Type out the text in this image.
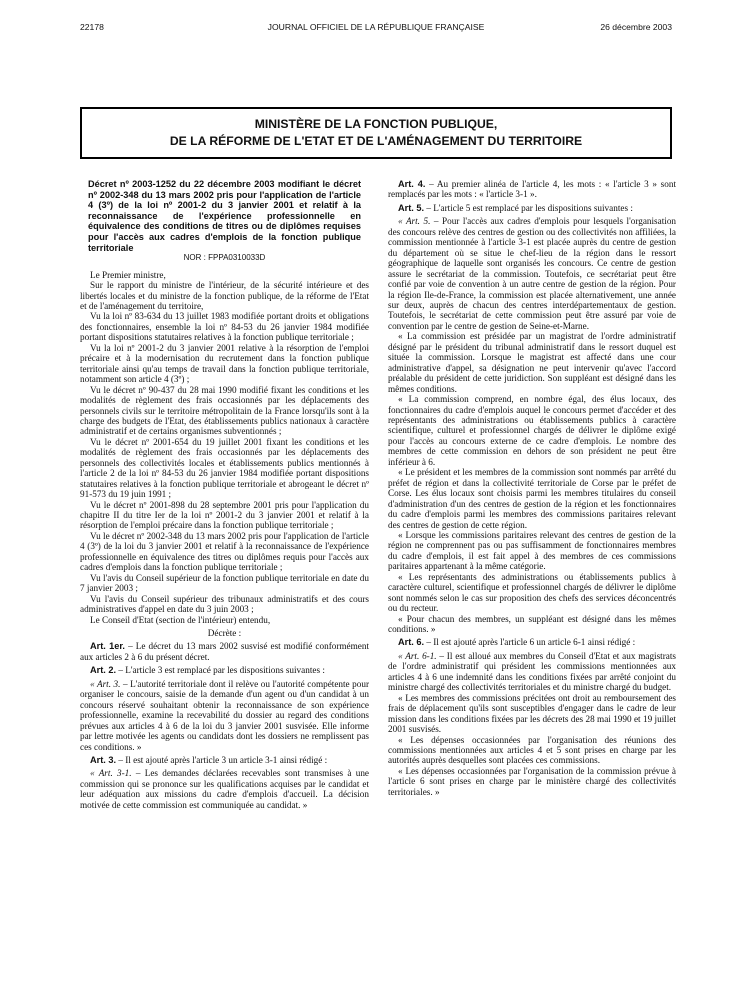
22178	JOURNAL OFFICIEL DE LA RÉPUBLIQUE FRANÇAISE	26 décembre 2003
MINISTÈRE DE LA FONCTION PUBLIQUE,
DE LA RÉFORME DE L'ETAT ET DE L'AMÉNAGEMENT DU TERRITOIRE

Décret nº 2003-1252 du 22 décembre 2003 modifiant le décret nº 2002-348 du 13 mars 2002 pris pour l'application de l'article 4 (3º) de la loi nº 2001-2 du 3 janvier 2001 et relatif à la reconnaissance de l'expérience professionnelle en équivalence des conditions de titres ou de diplômes requises pour l'accès aux cadres d'emplois de la fonction publique territoriale

NOR : FPPA0310033D

Le Premier ministre,

Sur le rapport du ministre de l'intérieur, de la sécurité intérieure et des libertés locales et du ministre de la fonction publique, de la réforme de l'Etat et de l'aménagement du territoire,

Vu la loi nº 83-634 du 13 juillet 1983 modifiée portant droits et obligations des fonctionnaires, ensemble la loi nº 84-53 du 26 janvier 1984 modifiée portant dispositions statutaires relatives à la fonction publique territoriale ;

Vu la loi nº 2001-2 du 3 janvier 2001 relative à la résorption de l'emploi précaire et à la modernisation du recrutement dans la fonction publique territoriale ainsi qu'au temps de travail dans la fonction publique territoriale, notamment son article 4 (3º) ;

Vu le décret nº 90-437 du 28 mai 1990 modifié fixant les conditions et les modalités de règlement des frais occasionnés par les déplacements des personnels civils sur le territoire métropolitain de la France lorsqu'ils sont à la charge des budgets de l'Etat, des établissements publics nationaux à caractère administratif et de certains organismes subventionnés ;

Vu le décret nº 2001-654 du 19 juillet 2001 fixant les conditions et les modalités de règlement des frais occasionnés par les déplacements des personnels des collectivités locales et établissements publics mentionnés à l'article 2 de la loi nº 84-53 du 26 janvier 1984 modifiée portant dispositions statutaires relatives à la fonction publique territoriale et abrogeant le décret nº 91-573 du 19 juin 1991 ;

Vu le décret nº 2001-898 du 28 septembre 2001 pris pour l'application du chapitre II du titre Ier de la loi nº 2001-2 du 3 janvier 2001 et relatif à la résorption de l'emploi précaire dans la fonction publique territoriale ;

Vu le décret nº 2002-348 du 13 mars 2002 pris pour l'application de l'article 4 (3º) de la loi du 3 janvier 2001 et relatif à la reconnaissance de l'expérience professionnelle en équivalence des titres ou diplômes requis pour l'accès aux cadres d'emplois dans la fonction publique territoriale ;

Vu l'avis du Conseil supérieur de la fonction publique territoriale en date du 7 janvier 2003 ;

Vu l'avis du Conseil supérieur des tribunaux administratifs et des cours administratives d'appel en date du 3 juin 2003 ;

Le Conseil d'Etat (section de l'intérieur) entendu,

Décrète :

Art. 1er. – Le décret du 13 mars 2002 susvisé est modifié conformément aux articles 2 à 6 du présent décret.

Art. 2. – L'article 3 est remplacé par les dispositions suivantes :

« Art. 3. – L'autorité territoriale dont il relève ou l'autorité compétente pour organiser le concours, saisie de la demande d'un agent ou d'un candidat à un concours réservé souhaitant obtenir la reconnaissance de son expérience professionnelle, examine la recevabilité du dossier au regard des conditions prévues aux articles 4 à 6 de la loi du 3 janvier 2001 susvisée. Elle informe par lettre motivée les agents ou candidats dont les dossiers ne remplissent pas ces conditions. »

Art. 3. – Il est ajouté après l'article 3 un article 3-1 ainsi rédigé :

« Art. 3-1. – Les demandes déclarées recevables sont transmises à une commission qui se prononce sur les qualifications acquises par le candidat et leur adéquation aux missions du cadre d'emplois d'accueil. La décision motivée de cette commission est communiquée au candidat. »

Art. 4. – Au premier alinéa de l'article 4, les mots : « l'article 3 » sont remplacés par les mots : « l'article 3-1 ».

Art. 5. – L'article 5 est remplacé par les dispositions suivantes :

« Art. 5. – Pour l'accès aux cadres d'emplois pour lesquels l'organisation des concours relève des centres de gestion ou des collectivités non affiliées, la commission mentionnée à l'article 3-1 est placée auprès du centre de gestion du département où se situe le chef-lieu de la région dans le ressort géographique de laquelle sont organisés les concours. Ce centre de gestion assure le secrétariat de la commission. Toutefois, ce secrétariat peut être confié par voie de convention à un autre centre de gestion de la région. Pour la région Ile-de-France, la commission est placée alternativement, une année sur deux, auprès de chacun des centres interdépartementaux de gestion. Toutefois, le secrétariat de cette commission peut être assuré par voie de convention par le centre de gestion de Seine-et-Marne.

« La commission est présidée par un magistrat de l'ordre administratif désigné par le président du tribunal administratif dans le ressort duquel est située la commission. Lorsque le magistrat est affecté dans une cour administrative d'appel, sa désignation ne peut intervenir qu'avec l'accord préalable du président de cette juridiction. Son suppléant est désigné dans les mêmes conditions.

« La commission comprend, en nombre égal, des élus locaux, des fonctionnaires du cadre d'emplois auquel le concours permet d'accéder et des représentants des administrations ou établissements publics à caractère scientifique, culturel et professionnel chargés de délivrer le diplôme exigé pour l'accès au concours externe de ce cadre d'emplois. Le nombre des membres de cette commission en dehors de son président ne peut être inférieur à 6.

« Le président et les membres de la commission sont nommés par arrêté du préfet de région et dans la collectivité territoriale de Corse par le préfet de Corse. Les élus locaux sont choisis parmi les membres titulaires du conseil d'administration d'un des centres de gestion de la région et les fonctionnaires du cadre d'emplois parmi les membres des commissions paritaires relevant des centres de gestion de cette région.

« Lorsque les commissions paritaires relevant des centres de gestion de la région ne comprennent pas ou pas suffisamment de fonctionnaires membres du cadre d'emplois, il est fait appel à des membres de ces commissions paritaires appartenant à la même catégorie.

« Les représentants des administrations ou établissements publics à caractère culturel, scientifique et professionnel chargés de délivrer le diplôme sont nommés selon le cas sur proposition des chefs des services déconcentrés ou du recteur.

« Pour chacun des membres, un suppléant est désigné dans les mêmes conditions. »

Art. 6. – Il est ajouté après l'article 6 un article 6-1 ainsi rédigé :

« Art. 6-1. – Il est alloué aux membres du Conseil d'Etat et aux magistrats de l'ordre administratif qui président les commissions mentionnées aux articles 4 à 6 une indemnité dans les conditions fixées par arrêté conjoint du ministre chargé des collectivités territoriales et du ministre chargé du budget.

« Les membres des commissions précitées ont droit au remboursement des frais de déplacement qu'ils sont susceptibles d'engager dans le cadre de leur mission dans les conditions fixées par les décrets des 28 mai 1990 et 19 juillet 2001 susvisés.

« Les dépenses occasionnées par l'organisation des réunions des commissions mentionnées aux articles 4 et 5 sont prises en charge par les autorités auprès desquelles sont placées ces commissions.

« Les dépenses occasionnées par l'organisation de la commission prévue à l'article 6 sont prises en charge par le ministère chargé des collectivités territoriales. »
